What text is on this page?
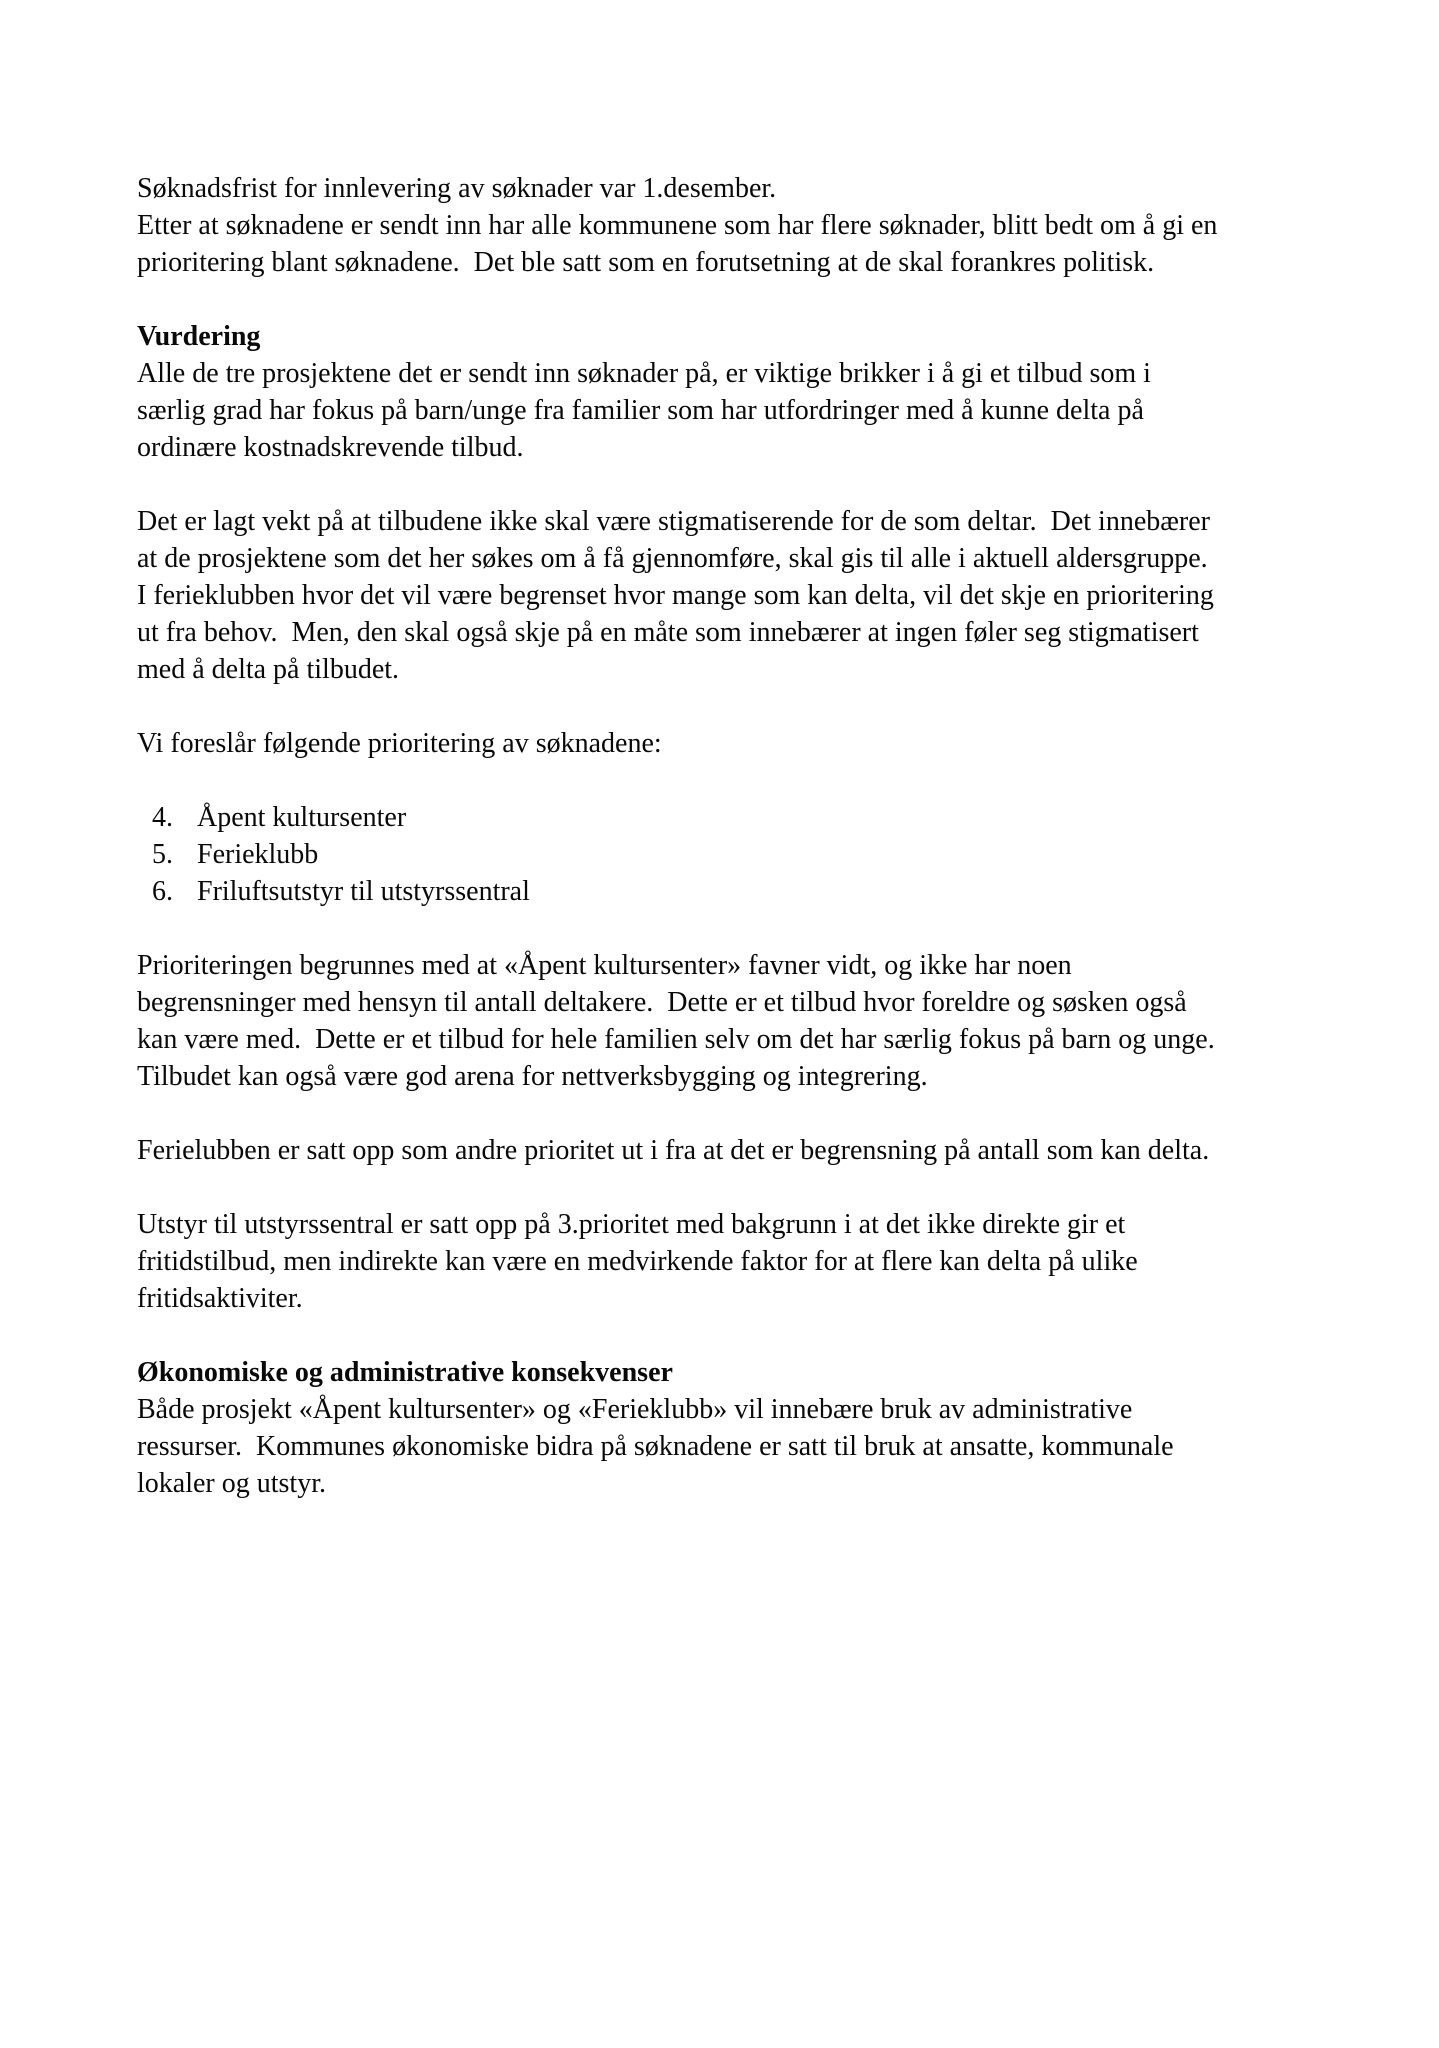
Søknadsfrist for innlevering av søknader var 1.desember.
Etter at søknadene er sendt inn har alle kommunene som har flere søknader, blitt bedt om å gi en
prioritering blant søknadene.  Det ble satt som en forutsetning at de skal forankres politisk.
Vurdering
Alle de tre prosjektene det er sendt inn søknader på, er viktige brikker i å gi et tilbud som i
særlig grad har fokus på barn/unge fra familier som har utfordringer med å kunne delta på
ordinære kostnadskrevende tilbud.
Det er lagt vekt på at tilbudene ikke skal være stigmatiserende for de som deltar.  Det innebærer
at de prosjektene som det her søkes om å få gjennomføre, skal gis til alle i aktuell aldersgruppe.
I ferieklubben hvor det vil være begrenset hvor mange som kan delta, vil det skje en prioritering
ut fra behov.  Men, den skal også skje på en måte som innebærer at ingen føler seg stigmatisert
med å delta på tilbudet.
Vi foreslår følgende prioritering av søknadene:
4. Åpent kultursenter
5. Ferieklubb
6. Friluftsutstyr til utstyrssentral
Prioriteringen begrunnes med at «Åpent kultursenter» favner vidt, og ikke har noen
begrensninger med hensyn til antall deltakere.  Dette er et tilbud hvor foreldre og søsken også
kan være med.  Dette er et tilbud for hele familien selv om det har særlig fokus på barn og unge.
Tilbudet kan også være god arena for nettverksbygging og integrering.
Ferielubben er satt opp som andre prioritet ut i fra at det er begrensning på antall som kan delta.
Utstyr til utstyrssentral er satt opp på 3.prioritet med bakgrunn i at det ikke direkte gir et
fritidstilbud, men indirekte kan være en medvirkende faktor for at flere kan delta på ulike
fritidsaktiviter.
Økonomiske og administrative konsekvenser
Både prosjekt «Åpent kultursenter» og «Ferieklubb» vil innebære bruk av administrative
ressurser.  Kommunes økonomiske bidra på søknadene er satt til bruk at ansatte, kommunale
lokaler og utstyr.
